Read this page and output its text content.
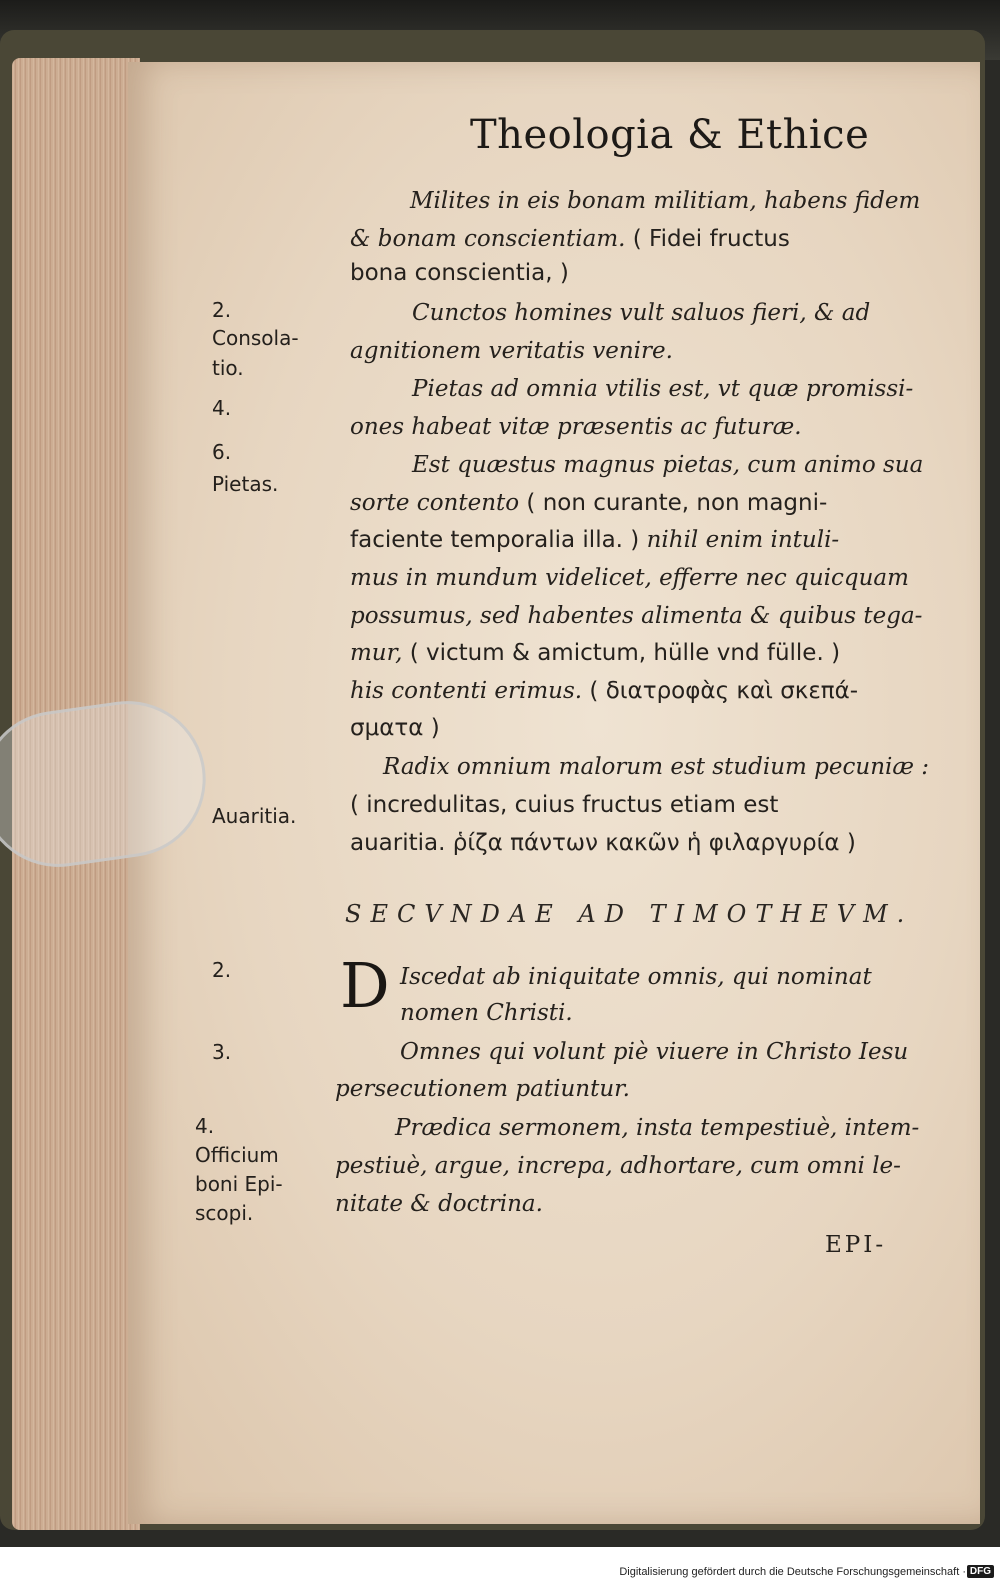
Theologia & Ethice
Milites in eis bonam militiam, habens fidem
& bonam conscientiam. ( Fidei fructus
bona conscientia, )
Cunctos homines vult saluos fieri, & ad
agnitionem veritatis venire.
Pietas ad omnia vtilis est, vt quæ promissi-
ones habeat vitæ præsentis ac futuræ.
Est quæstus magnus pietas, cum animo sua
sorte contento ( non curante, non magni-
faciente temporalia illa. ) nihil enim intuli-
mus in mundum videlicet, efferre nec quicquam
possumus, sed habentes alimenta & quibus tega-
mur, ( victum & amictum, hülle vnd fülle. )
his contenti erimus. ( διατροφὰς καὶ σκεπά-
σματα )
Radix omnium malorum est studium pecuniæ :
( incredulitas, cuius fructus etiam est
auaritia. ῥίζα πάντων κακῶν ἡ φιλαργυρία )
SECVNDAE AD TIMOTHEVM.
D Iscedat ab iniquitate omnis, qui nominat
nomen Christi.
Omnes qui volunt piè viuere in Christo Iesu
persecutionem patiuntur.
Prædica sermonem, insta tempestiuè, intem-
pestiuè, argue, increpa, adhortare, cum omni le-
nitate & doctrina.
EPI-
2.
Consola-
tio.
4.
6.
Pietas.
Auaritia.
2.
3.
4.
Officium
boni Epi-
scopi.
Digitalisierung gefördert durch die Deutsche Forschungsgemeinschaft · DFG
